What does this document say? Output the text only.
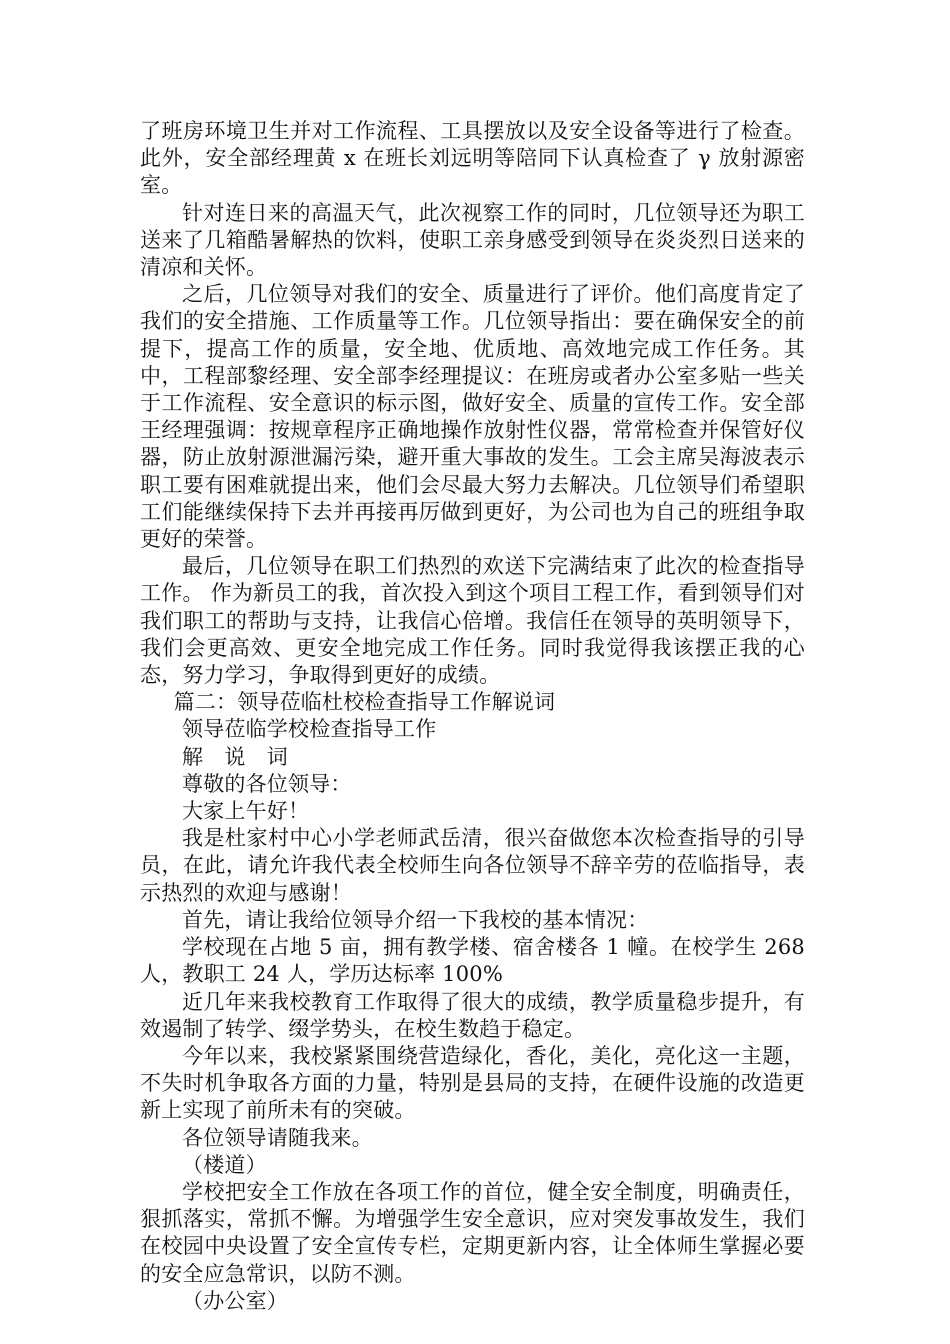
了班房环境卫生并对工作流程、工具摆放以及安全设备等进行了检查。此外，安全部经理黄 x 在班长刘远明等陪同下认真检查了 γ 放射源密室。

针对连日来的高温天气，此次视察工作的同时，几位领导还为职工送来了几箱酷暑解热的饮料，使职工亲身感受到领导在炎炎烈日送来的清凉和关怀。

之后，几位领导对我们的安全、质量进行了评价。他们高度肯定了我们的安全措施、工作质量等工作。几位领导指出：要在确保安全的前提下，提高工作的质量，安全地、优质地、高效地完成工作任务。其中，工程部黎经理、安全部李经理提议：在班房或者办公室多贴一些关于工作流程、安全意识的标示图，做好安全、质量的宣传工作。安全部王经理强调：按规章程序正确地操作放射性仪器，常常检查并保管好仪器，防止放射源泄漏污染，避开重大事故的发生。工会主席吴海波表示职工要有困难就提出来，他们会尽最大努力去解决。几位领导们希望职工们能继续保持下去并再接再厉做到更好，为公司也为自己的班组争取更好的荣誉。

最后，几位领导在职工们热烈的欢送下完满结束了此次的检查指导工作。 作为新员工的我，首次投入到这个项目工程工作，看到领导们对我们职工的帮助与支持，让我信心倍增。我信任在领导的英明领导下，我们会更高效、更安全地完成工作任务。同时我觉得我该摆正我的心态，努力学习，争取得到更好的成绩。

篇二：领导莅临杜校检查指导工作解说词

领导莅临学校检查指导工作

解　说　词

尊敬的各位领导：

大家上午好！

我是杜家村中心小学老师武岳清，很兴奋做您本次检查指导的引导员，在此，请允许我代表全校师生向各位领导不辞辛劳的莅临指导，表示热烈的欢迎与感谢！

首先，请让我给位领导介绍一下我校的基本情况：

学校现在占地 5 亩，拥有教学楼、宿舍楼各 1 幢。在校学生 268 人，教职工 24 人，学历达标率 100%

近几年来我校教育工作取得了很大的成绩，教学质量稳步提升，有效遏制了转学、缀学势头，在校生数趋于稳定。

今年以来，我校紧紧围绕营造绿化，香化，美化，亮化这一主题，不失时机争取各方面的力量，特别是县局的支持，在硬件设施的改造更新上实现了前所未有的突破。

各位领导请随我来。

（楼道）

学校把安全工作放在各项工作的首位，健全安全制度，明确责任，狠抓落实，常抓不懈。为增强学生安全意识，应对突发事故发生，我们在校园中央设置了安全宣传专栏，定期更新内容，让全体师生掌握必要的安全应急常识，以防不测。

（办公室）
